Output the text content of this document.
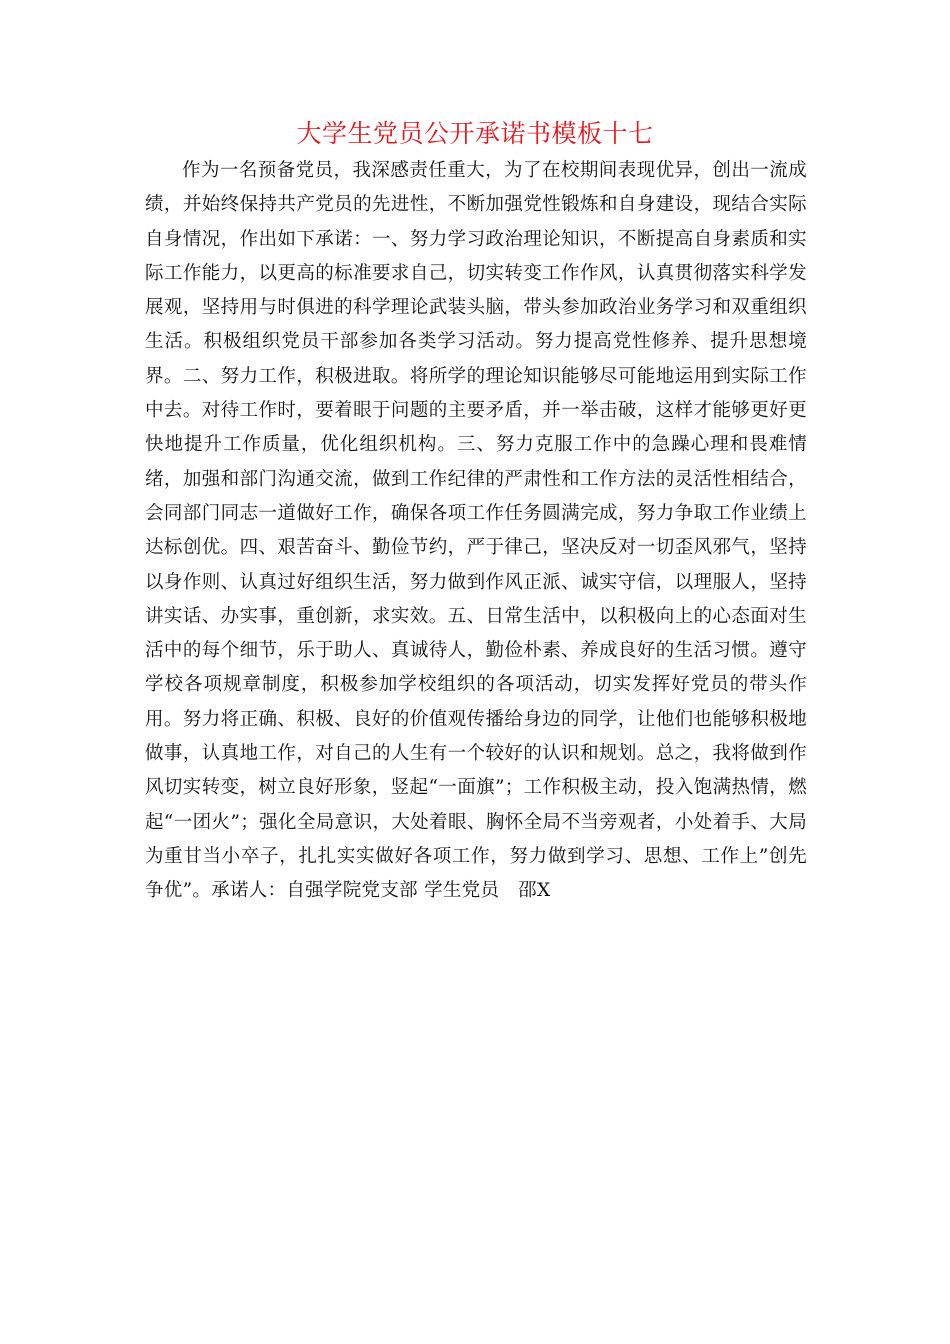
大学生党员公开承诺书模板十七

作为一名预备党员，我深感责任重大，为了在校期间表现优异，创出一流成绩，并始终保持共产党员的先进性，不断加强党性锻炼和自身建设，现结合实际自身情况，作出如下承诺：一、努力学习政治理论知识，不断提高自身素质和实际工作能力，以更高的标准要求自己，切实转变工作作风，认真贯彻落实科学发展观，坚持用与时俱进的科学理论武装头脑，带头参加政治业务学习和双重组织生活。积极组织党员干部参加各类学习活动。努力提高党性修养、提升思想境界。二、努力工作，积极进取。将所学的理论知识能够尽可能地运用到实际工作中去。对待工作时，要着眼于问题的主要矛盾，并一举击破，这样才能够更好更快地提升工作质量，优化组织机构。三、努力克服工作中的急躁心理和畏难情绪，加强和部门沟通交流，做到工作纪律的严肃性和工作方法的灵活性相结合，会同部门同志一道做好工作，确保各项工作任务圆满完成，努力争取工作业绩上达标创优。四、艰苦奋斗、勤俭节约，严于律己，坚决反对一切歪风邪气，坚持以身作则、认真过好组织生活，努力做到作风正派、诚实守信，以理服人，坚持讲实话、办实事，重创新，求实效。五、日常生活中，以积极向上的心态面对生活中的每个细节，乐于助人、真诚待人，勤俭朴素、养成良好的生活习惯。遵守学校各项规章制度，积极参加学校组织的各项活动，切实发挥好党员的带头作用。努力将正确、积极、良好的价值观传播给身边的同学，让他们也能够积极地做事，认真地工作，对自己的人生有一个较好的认识和规划。总之，我将做到作风切实转变，树立良好形象，竖起“一面旗”；工作积极主动，投入饱满热情，燃起“一团火”；强化全局意识，大处着眼、胸怀全局不当旁观者，小处着手、大局为重甘当小卒子，扎扎实实做好各项工作，努力做到学习、思想、工作上”创先争优”。承诺人：自强学院党支部 学生党员　邵X
